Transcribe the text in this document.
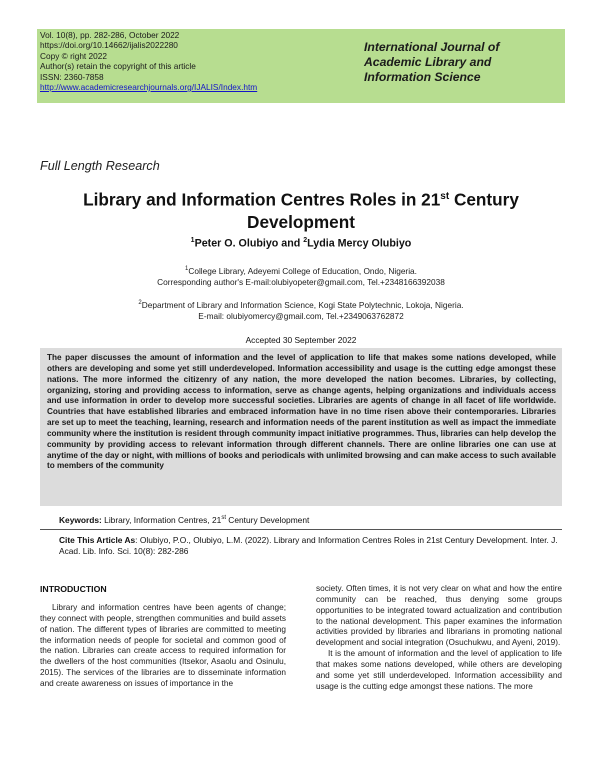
Vol. 10(8), pp. 282-286, October 2022
https://doi.org/10.14662/ijalis2022280
Copy © right 2022
Author(s) retain the copyright of this article
ISSN: 2360-7858
http://www.academicresearchjournals.org/IJALIS/Index.htm
International Journal of
Academic Library and
Information Science
Full Length Research
Library and Information Centres Roles in 21st Century
Development
$^1$Peter O. Olubiyo and $^2$Lydia Mercy Olubiyo
$^1$College Library, Adeyemi College of Education, Ondo, Nigeria.
Corresponding author's E-mail:olubiyopeter@gmail.com, Tel.+2348166392038
$^2$Department of Library and Information Science, Kogi State Polytechnic, Lokoja, Nigeria.
E-mail: olubiyomercy@gmail.com, Tel.+2349063762872
Accepted 30 September 2022
The paper discusses the amount of information and the level of application to life that makes some nations developed, while others are developing and some yet still underdeveloped. Information accessibility and usage is the cutting edge amongst these nations. The more informed the citizenry of any nation, the more developed the nation becomes. Libraries, by collecting, organizing, storing and providing access to information, serve as change agents, helping organizations and individuals access and use information in order to develop more successful societies. Libraries are agents of change in all facet of life worldwide. Countries that have established libraries and embraced information have in no time risen above their contemporaries. Libraries are set up to meet the teaching, learning, research and information needs of the parent institution as well as impact the immediate community where the institution is resident through community impact initiative programmes. Thus, libraries can help develop the community by providing access to relevant information through different channels. There are online libraries one can use at anytime of the day or night, with millions of books and periodicals with unlimited browsing and can make access to such available to members of the community
Keywords: Library, Information Centres, 21st Century Development
Cite This Article As: Olubiyo, P.O., Olubiyo, L.M. (2022). Library and Information Centres Roles in 21st Century Development. Inter. J. Acad. Lib. Info. Sci. 10(8): 282-286
INTRODUCTION

Library and information centres have been agents of change; they connect with people, strengthen communities and build assets of nation. The different types of libraries are committed to meeting the information needs of people for societal and common good of the nation. Libraries can create access to required information for the dwellers of the host communities (Itsekor, Asaolu and Osinulu, 2015). The services of the libraries are to disseminate information and create awareness on issues of importance in the

society. Often times, it is not very clear on what and how the entire community can be reached, thus denying some groups opportunities to be integrated toward actualization and contribution to the national development. This paper examines the information activities provided by libraries and librarians in promoting national development and social integration (Osuchukwu, and Ayeni, 2019).

It is the amount of information and the level of application to life that makes some nations developed, while others are developing and some yet still underdeveloped. Information accessibility and usage is the cutting edge amongst these nations. The more
